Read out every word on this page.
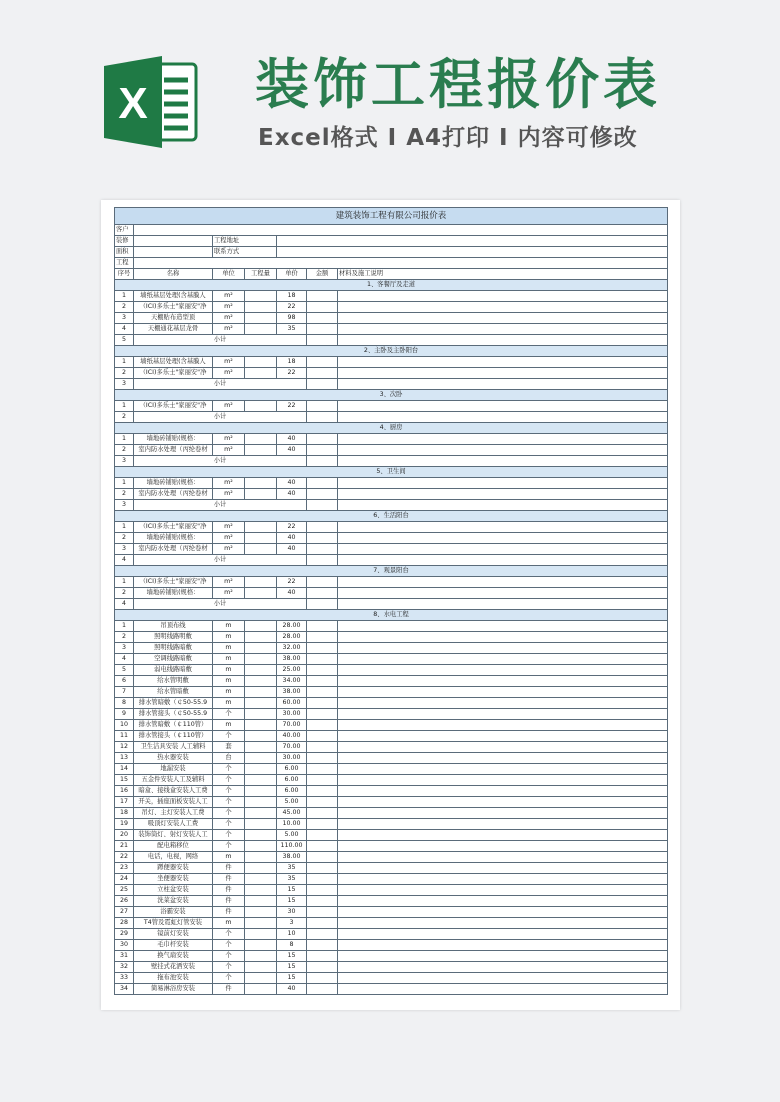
X 装饰工程报价表
Excel格式 I A4打印 I 内容可修改
建筑装饰工程有限公司报价表						
客户						
装修		工程地址				
面积		联系方式				
工程						
序号	名称	单位	工程量	单价	金额	材料及施工说明
1、客餐厅及走道						
1	墙纸基层处理(含基膜人	m²		18		
2	（ICI)多乐士"家丽安"净	m²		22		
3	天棚贴布造型顶	m²		98		
4	天棚通花基层龙骨	m²		35		
5	小计					
2、主卧及主卧阳台						
1	墙纸基层处理(含基膜人	m²		18		
2	（ICI)多乐士"家丽安"净	m²		22		
3	小计					
3、次卧						
1	（ICI)多乐士"家丽安"净	m²		22		
2	小计					
4、厨房						
1	墙地砖铺贴(规格：	m²		40		
2	室内防水处理（丙纶卷材	m²		40		
3	小计					
5、卫生间						
1	墙地砖铺贴(规格：	m²		40		
2	室内防水处理（丙纶卷材	m²		40		
3	小计					
6、生活阳台						
1	（ICI)多乐士"家丽安"净	m²		22		
2	墙地砖铺贴(规格：	m²		40		
3	室内防水处理（丙纶卷材	m²		40		
4	小计					
7、观景阳台						
1	（ICI)多乐士"家丽安"净	m²		22		
2	墙地砖铺贴(规格：	m²		40		
4	小计					
8、水电工程						
1	吊顶布线	m		28.00		
2	照明线路明敷	m		28.00		
3	照明线路暗敷	m		32.00		
4	空调线路暗敷	m		38.00		
5	弱电线路暗敷	m		25.00		
6	给水管明敷	m		34.00		
7	给水管暗敷	m		38.00		
8	排水管暗敷（￠50-55.9	m		60.00		
9	排水管接头（￠50-55.9	个		30.00		
10	排水管暗敷（￠110管）	m		70.00		
11	排水管接头（￠110管）	个		40.00		
12	卫生洁具安装 人工辅料	套		70.00		
13	热水器安装	台		30.00		
14	地漏安装	个		6.00		
15	五金件安装人工及辅料	个		6.00		
16	暗盒、接线盒安装人工费	个		6.00		
17	开关，插座面板安装人工	个		5.00		
18	吊灯、主灯安装人工费	个		45.00		
19	吸顶灯安装人工费	个		10.00		
20	装饰筒灯、射灯安装人工	个		5.00		
21	配电箱移位	个		110.00		
22	电话，电视，网络	m		38.00		
23	蹲便器安装	件		35		
24	坐便器安装	件		35		
25	立柱盆安装	件		15		
26	洗菜盆安装	件		15		
27	浴霸安装	件		30		
28	T4管及霓虹灯管安装	m		3		
29	镜前灯安装	个		10		
30	毛巾杆安装	个		8		
31	换气扇安装	个		15		
32	壁挂式花洒安装	个		15		
33	拖布池安装	个		15		
34	简易淋浴房安装	件		40		
